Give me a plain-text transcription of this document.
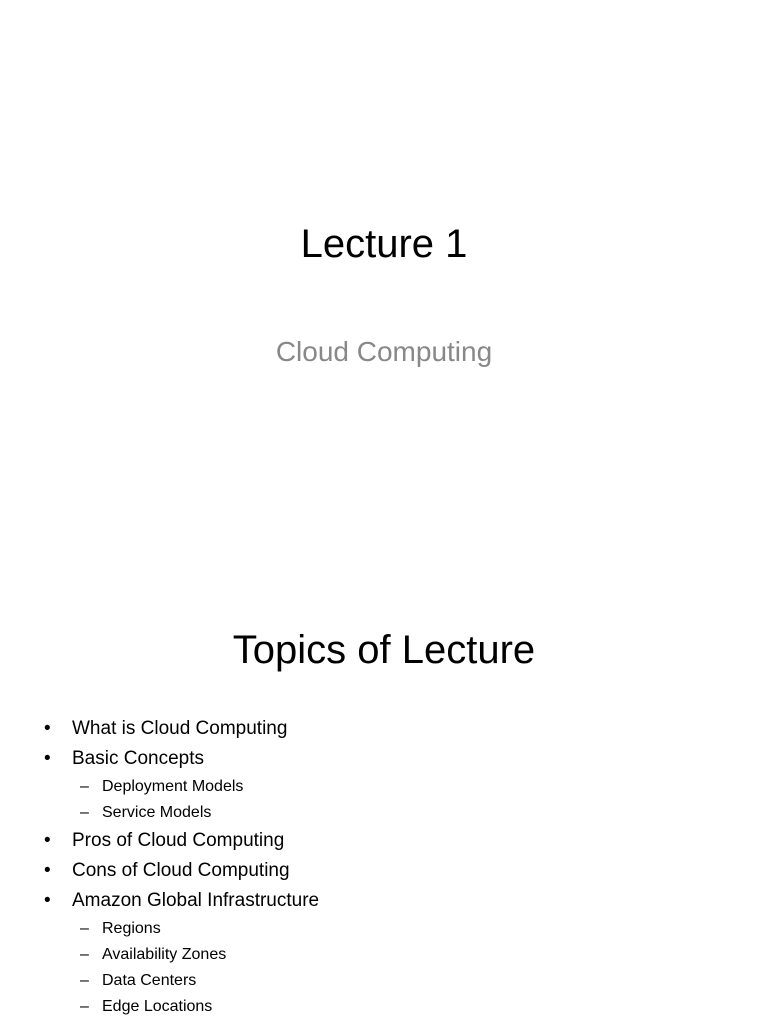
Lecture 1
Cloud Computing
Topics of Lecture
• What is Cloud Computing
• Basic Concepts
– Deployment Models
– Service Models
• Pros of Cloud Computing
• Cons of Cloud Computing
• Amazon Global Infrastructure
– Regions
– Availability Zones
– Data Centers
– Edge Locations
